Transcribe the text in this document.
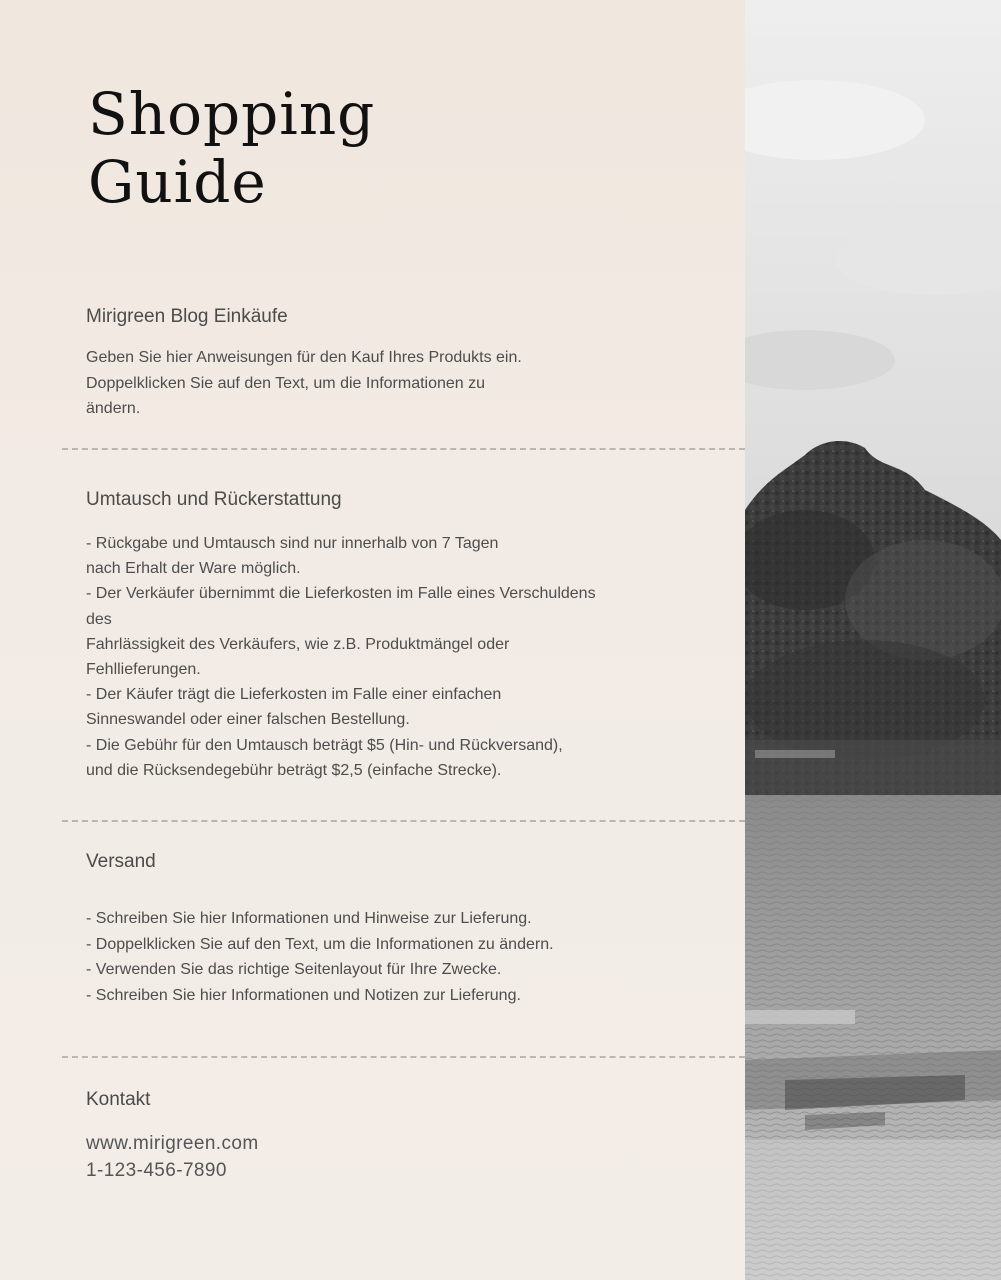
Shopping
Guide
Mirigreen Blog Einkäufe

Geben Sie hier Anweisungen für den Kauf Ihres Produkts ein.
Doppelklicken Sie auf den Text, um die Informationen zu
ändern.

Umtausch und Rückerstattung

- Rückgabe und Umtausch sind nur innerhalb von 7 Tagen
nach Erhalt der Ware möglich.
- Der Verkäufer übernimmt die Lieferkosten im Falle eines Verschuldens
des
Fahrlässigkeit des Verkäufers, wie z.B. Produktmängel oder
Fehllieferungen.
- Der Käufer trägt die Lieferkosten im Falle einer einfachen
Sinneswandel oder einer falschen Bestellung.
- Die Gebühr für den Umtausch beträgt $5 (Hin- und Rückversand),
und die Rücksendegebühr beträgt $2,5 (einfache Strecke).

Versand

- Schreiben Sie hier Informationen und Hinweise zur Lieferung.
- Doppelklicken Sie auf den Text, um die Informationen zu ändern.
- Verwenden Sie das richtige Seitenlayout für Ihre Zwecke.
- Schreiben Sie hier Informationen und Notizen zur Lieferung.

Kontakt

www.mirigreen.com

1-123-456-7890
